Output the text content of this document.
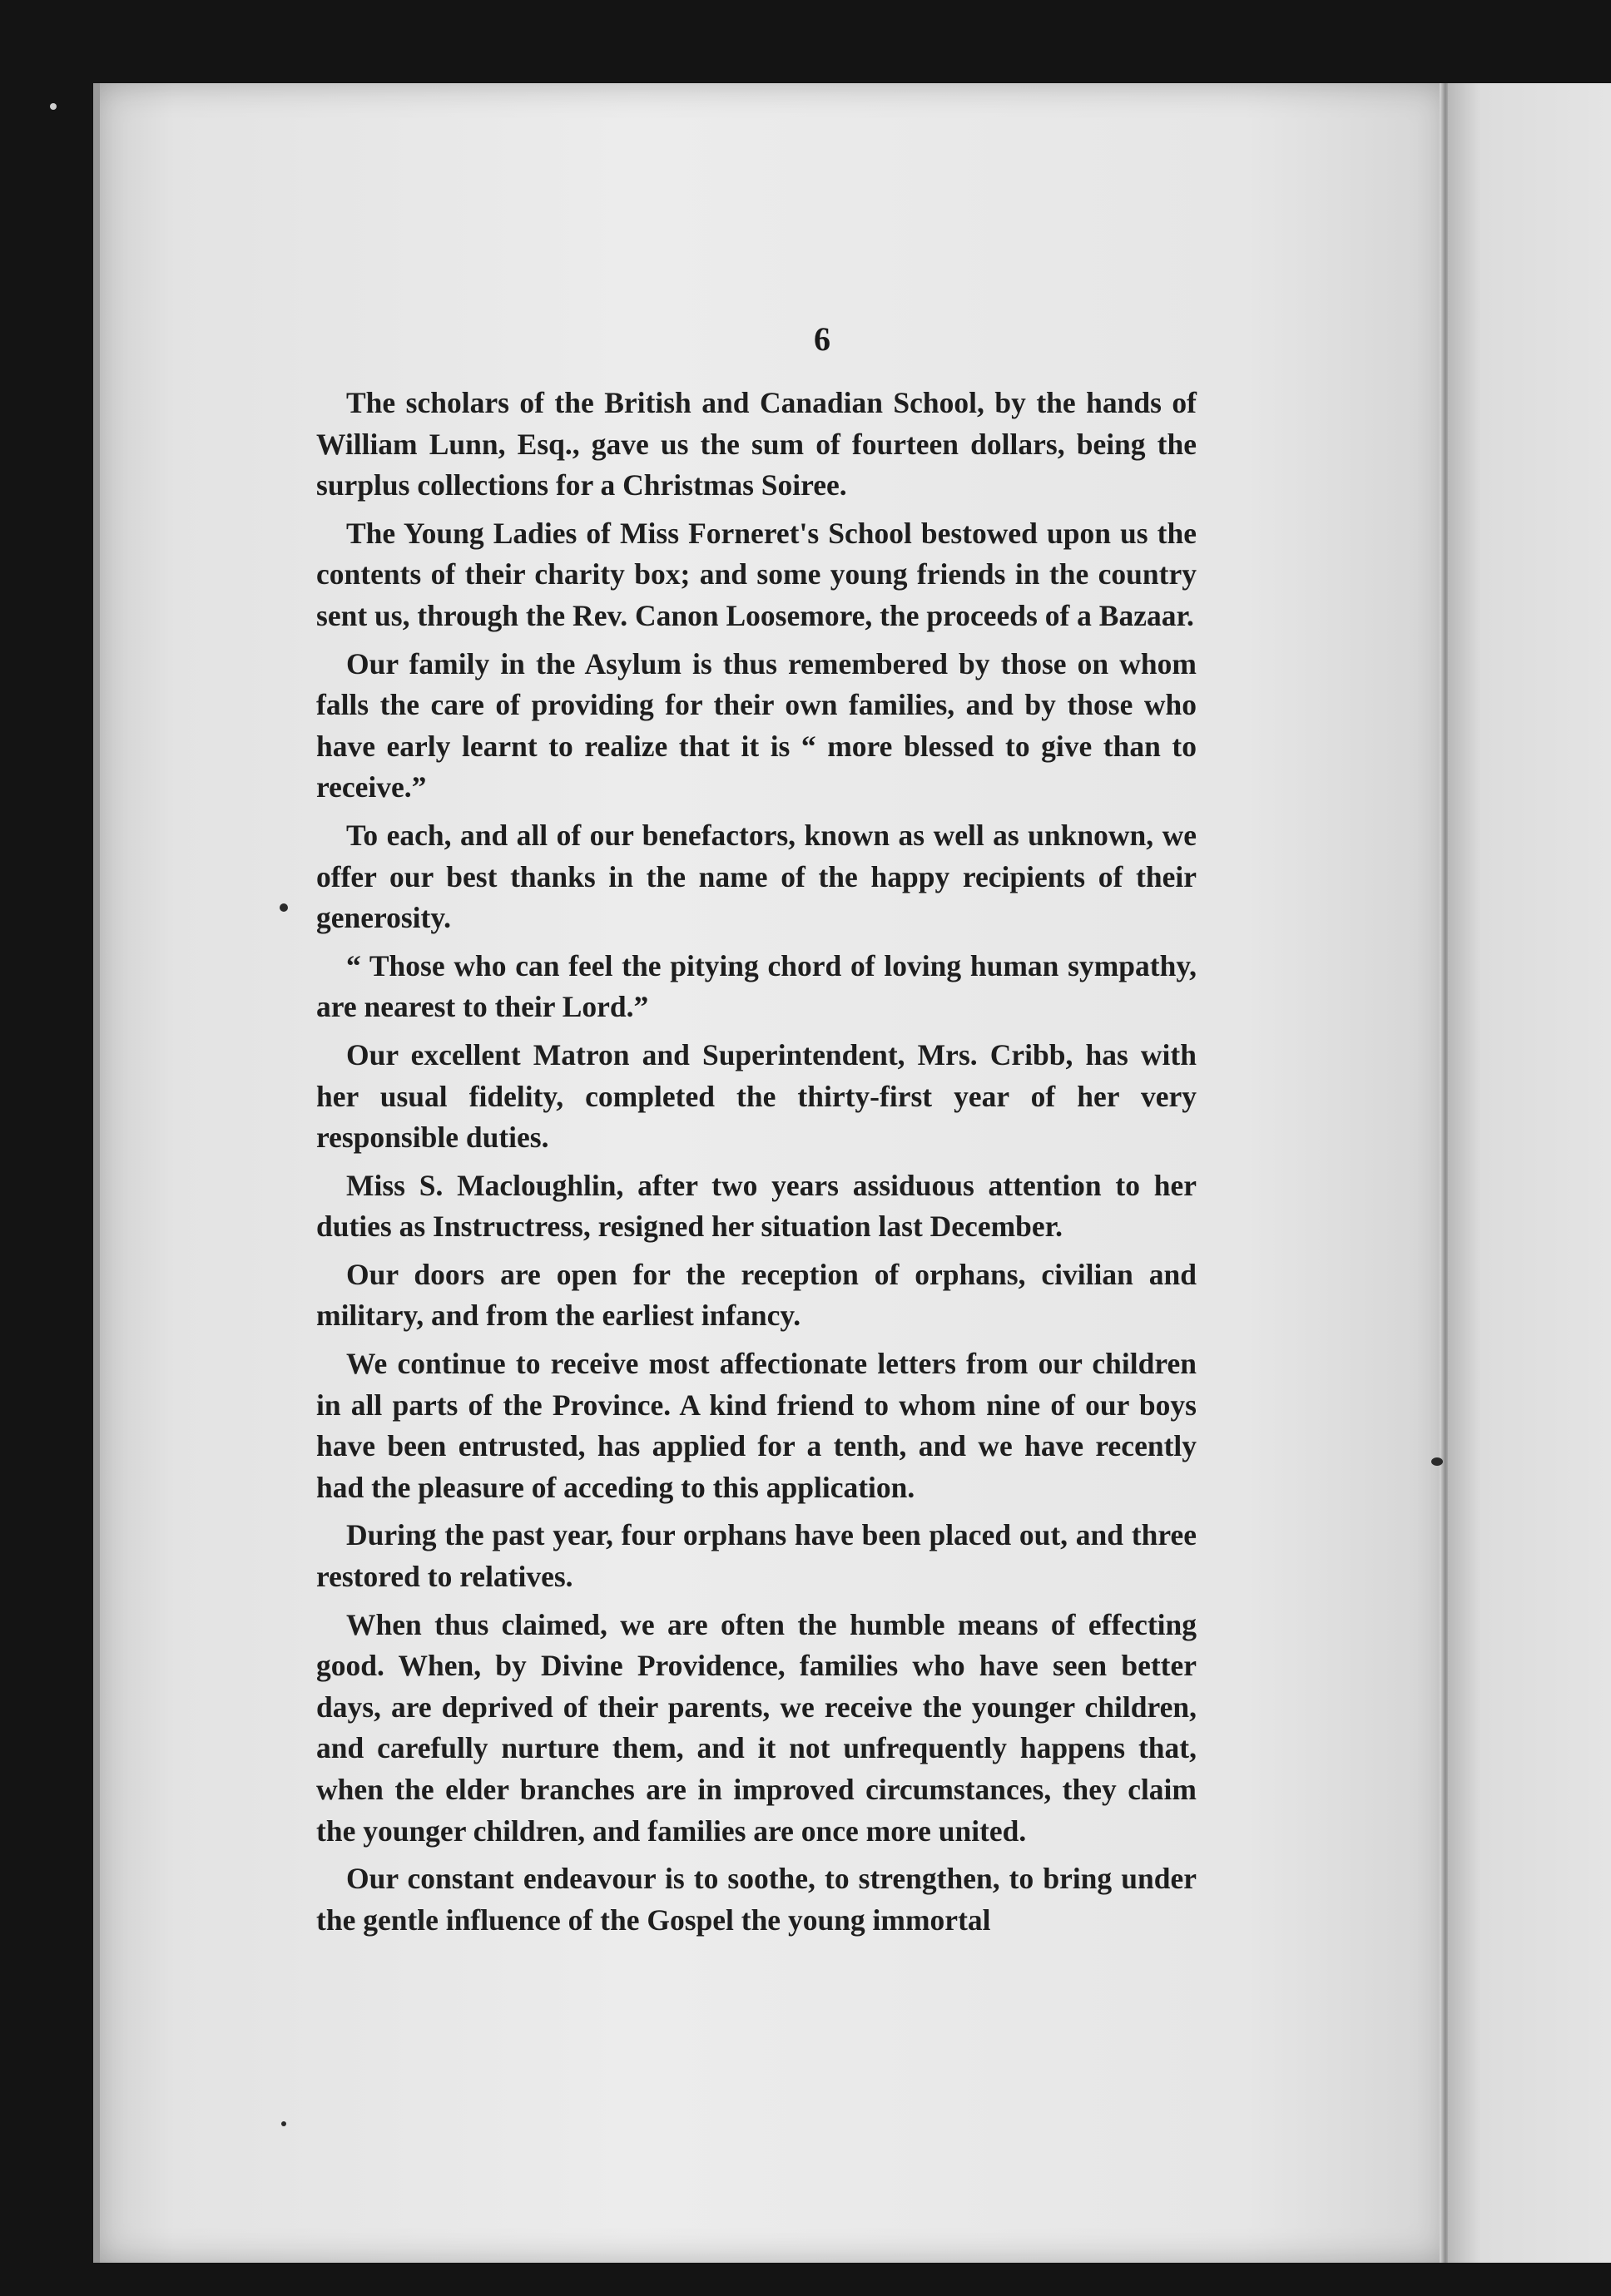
6

The scholars of the British and Canadian School, by the hands of William Lunn, Esq., gave us the sum of fourteen dollars, being the surplus collections for a Christmas Soiree.

The Young Ladies of Miss Forneret's School bestowed upon us the contents of their charity box; and some young friends in the country sent us, through the Rev. Canon Loosemore, the proceeds of a Bazaar.

Our family in the Asylum is thus remembered by those on whom falls the care of providing for their own families, and by those who have early learnt to realize that it is “ more blessed to give than to receive.”

To each, and all of our benefactors, known as well as unknown, we offer our best thanks in the name of the happy recipients of their generosity.

“ Those who can feel the pitying chord of loving human sympathy, are nearest to their Lord.”

Our excellent Matron and Superintendent, Mrs. Cribb, has with her usual fidelity, completed the thirty-first year of her very responsible duties.

Miss S. Macloughlin, after two years assiduous attention to her duties as Instructress, resigned her situation last December.

Our doors are open for the reception of orphans, civilian and military, and from the earliest infancy.

We continue to receive most affectionate letters from our children in all parts of the Province. A kind friend to whom nine of our boys have been entrusted, has applied for a tenth, and we have recently had the pleasure of acceding to this application.

During the past year, four orphans have been placed out, and three restored to relatives.

When thus claimed, we are often the humble means of effecting good. When, by Divine Providence, families who have seen better days, are deprived of their parents, we receive the younger children, and carefully nurture them, and it not unfrequently happens that, when the elder branches are in improved circumstances, they claim the younger children, and families are once more united.

Our constant endeavour is to soothe, to strengthen, to bring under the gentle influence of the Gospel the young immortal
